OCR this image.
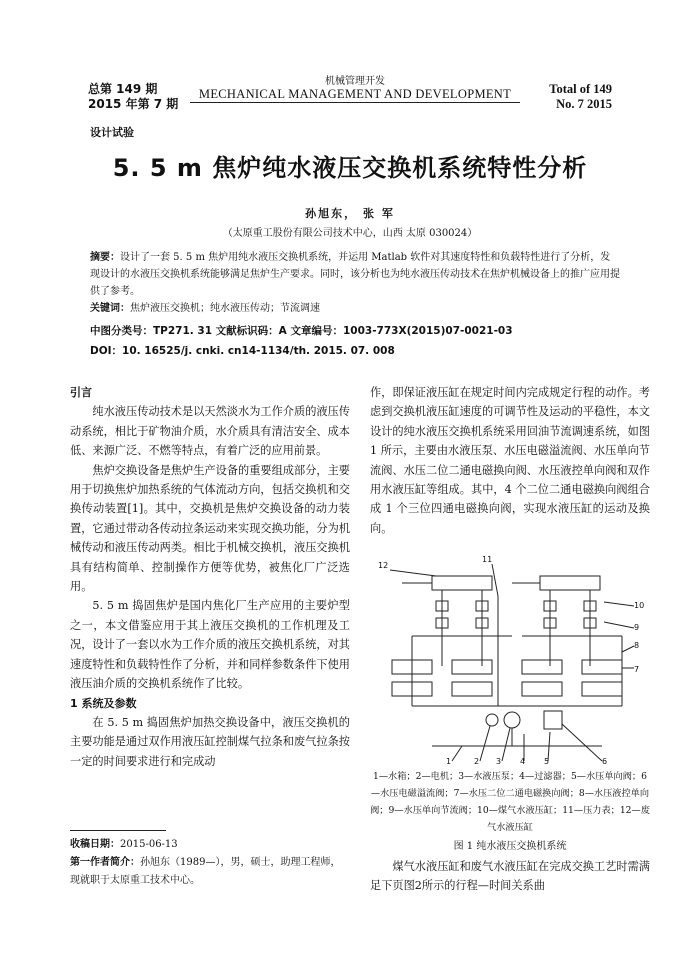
总第 149 期
2015 年第 7 期
机械管理开发
MECHANICAL MANAGEMENT AND DEVELOPMENT	Total of 149
No. 7 2015
设计试验
5. 5 m 焦炉纯水液压交换机系统特性分析
孙旭东， 张 军
（太原重工股份有限公司技术中心，山西 太原 030024）
摘要：设计了一套 5. 5 m 焦炉用纯水液压交换机系统，并运用 Matlab 软件对其速度特性和负载特性进行了分析，发现设计的水液压交换机系统能够满足焦炉生产要求。同时，该分析也为纯水液压传动技术在焦炉机械设备上的推广应用提供了参考。
关键词：焦炉液压交换机；纯水液压传动；节流调速
中图分类号：TP271. 31 文献标识码：A 文章编号：1003-773X(2015)07-0021-03
DOI：10. 16525/j. cnki. cn14-1134/th. 2015. 07. 008

引言

纯水液压传动技术是以天然淡水为工作介质的液压传动系统，相比于矿物油介质，水介质具有清洁安全、成本低、来源广泛、不燃等特点，有着广泛的应用前景。

焦炉交换设备是焦炉生产设备的重要组成部分，主要用于切换焦炉加热系统的气体流动方向，包括交换机和交换传动装置[1]。其中，交换机是焦炉交换设备的动力装置，它通过带动各传动拉条运动来实现交换功能，分为机械传动和液压传动两类。相比于机械交换机，液压交换机具有结构简单、控制操作方便等优势，被焦化厂广泛选用。

5. 5 m 捣固焦炉是国内焦化厂生产应用的主要炉型之一，本文借鉴应用于其上液压交换机的工作机理及工况，设计了一套以水为工作介质的液压交换机系统，对其速度特性和负载特性作了分析，并和同样参数条件下使用液压油介质的交换机系统作了比较。

1 系统及参数

在 5. 5 m 捣固焦炉加热交换设备中，液压交换机的主要功能是通过双作用液压缸控制煤气拉条和废气拉条按一定的时间要求进行和完成动

作，即保证液压缸在规定时间内完成规定行程的动作。考虑到交换机液压缸速度的可调节性及运动的平稳性，本文设计的纯水液压交换机系统采用回油节流调速系统，如图 1 所示，主要由水液压泵、水压电磁溢流阀、水压单向节流阀、水压二位二通电磁换向阀、水压液控单向阀和双作用水液压缸等组成。其中，4 个二位二通电磁换向阀组合成 1 个三位四通电磁换向阀，实现水液压缸的运动及换向。

12
11
10
9
8
7
1	2 3 4 5	6
1—水箱；2—电机；3—水液压泵；4—过滤器；5—水压单向阀；6—水压电磁溢流阀；7—水压二位二通电磁换向阀；8—水压液控单向阀；9—水压单向节流阀；10—煤气水液压缸；11—压力表；12—废气水液压缸
图 1 纯水液压交换机系统

煤气水液压缸和废气水液压缸在完成交换工艺时需满足下页图2所示的行程—时间关系曲

收稿日期：2015-06-13
第一作者简介：孙旭东（1989—），男，硕士，助理工程师，现就职于太原重工技术中心。
